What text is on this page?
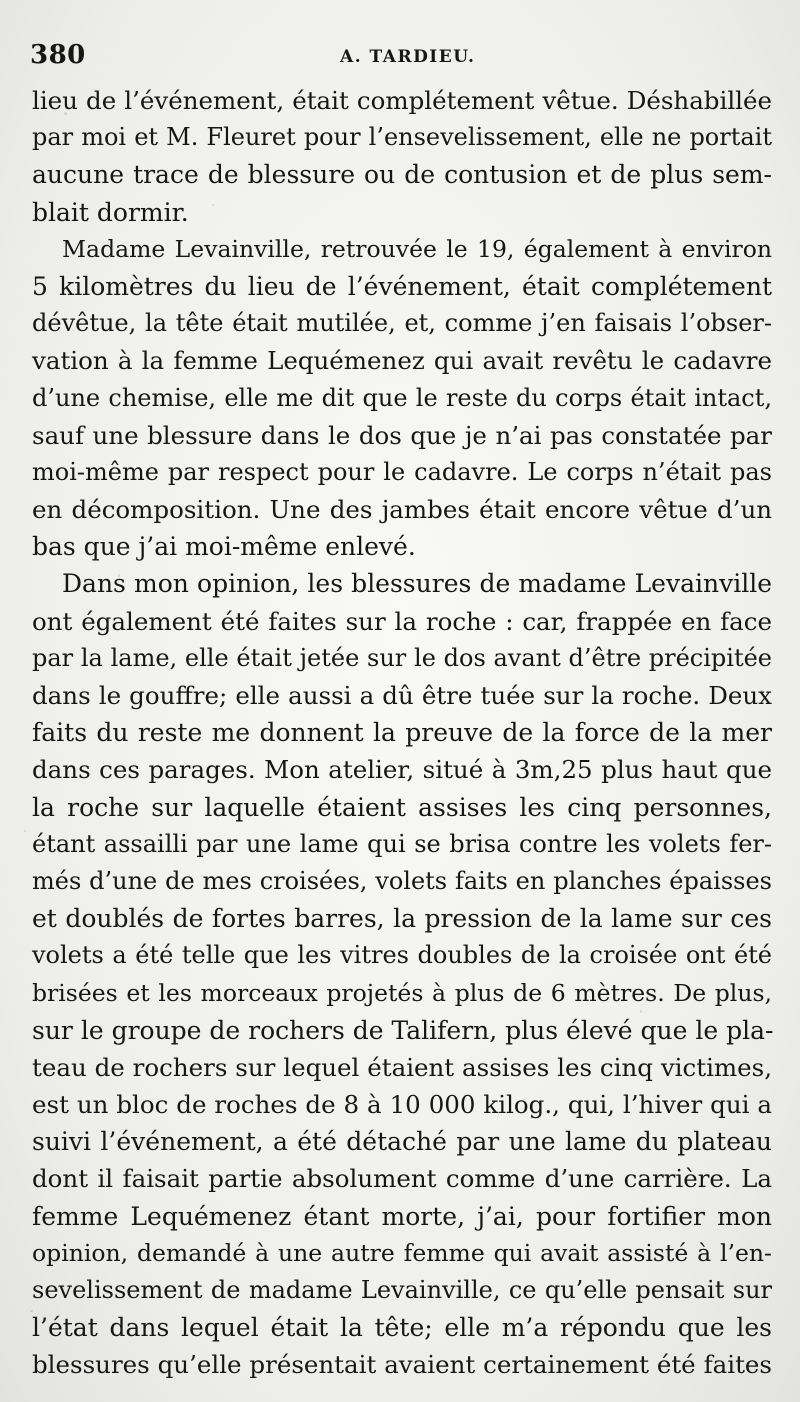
380	A. TARDIEU.
lieu de l’événement, était complétement vêtue. Déshabillée
par moi et M. Fleuret pour l’ensevelissement, elle ne portait
aucune trace de blessure ou de contusion et de plus sem-
blait dormir.
Madame Levainville, retrouvée le 19, également à environ
5 kilomètres du lieu de l’événement, était complétement
dévêtue, la tête était mutilée, et, comme j’en faisais l’obser-
vation à la femme Lequémenez qui avait revêtu le cadavre
d’une chemise, elle me dit que le reste du corps était intact,
sauf une blessure dans le dos que je n’ai pas constatée par
moi-même par respect pour le cadavre. Le corps n’était pas
en décomposition. Une des jambes était encore vêtue d’un
bas que j’ai moi-même enlevé.
Dans mon opinion, les blessures de madame Levainville
ont également été faites sur la roche : car, frappée en face
par la lame, elle était jetée sur le dos avant d’être précipitée
dans le gouffre; elle aussi a dû être tuée sur la roche. Deux
faits du reste me donnent la preuve de la force de la mer
dans ces parages. Mon atelier, situé à 3m,25 plus haut que
la roche sur laquelle étaient assises les cinq personnes,
étant assailli par une lame qui se brisa contre les volets fer-
més d’une de mes croisées, volets faits en planches épaisses
et doublés de fortes barres, la pression de la lame sur ces
volets a été telle que les vitres doubles de la croisée ont été
brisées et les morceaux projetés à plus de 6 mètres. De plus,
sur le groupe de rochers de Talifern, plus élevé que le pla-
teau de rochers sur lequel étaient assises les cinq victimes,
est un bloc de roches de 8 à 10 000 kilog., qui, l’hiver qui a
suivi l’événement, a été détaché par une lame du plateau
dont il faisait partie absolument comme d’une carrière. La
femme Lequémenez étant morte, j’ai, pour fortifier mon
opinion, demandé à une autre femme qui avait assisté à l’en-
sevelissement de madame Levainville, ce qu’elle pensait sur
l’état dans lequel était la tête; elle m’a répondu que les
blessures qu’elle présentait avaient certainement été faites
